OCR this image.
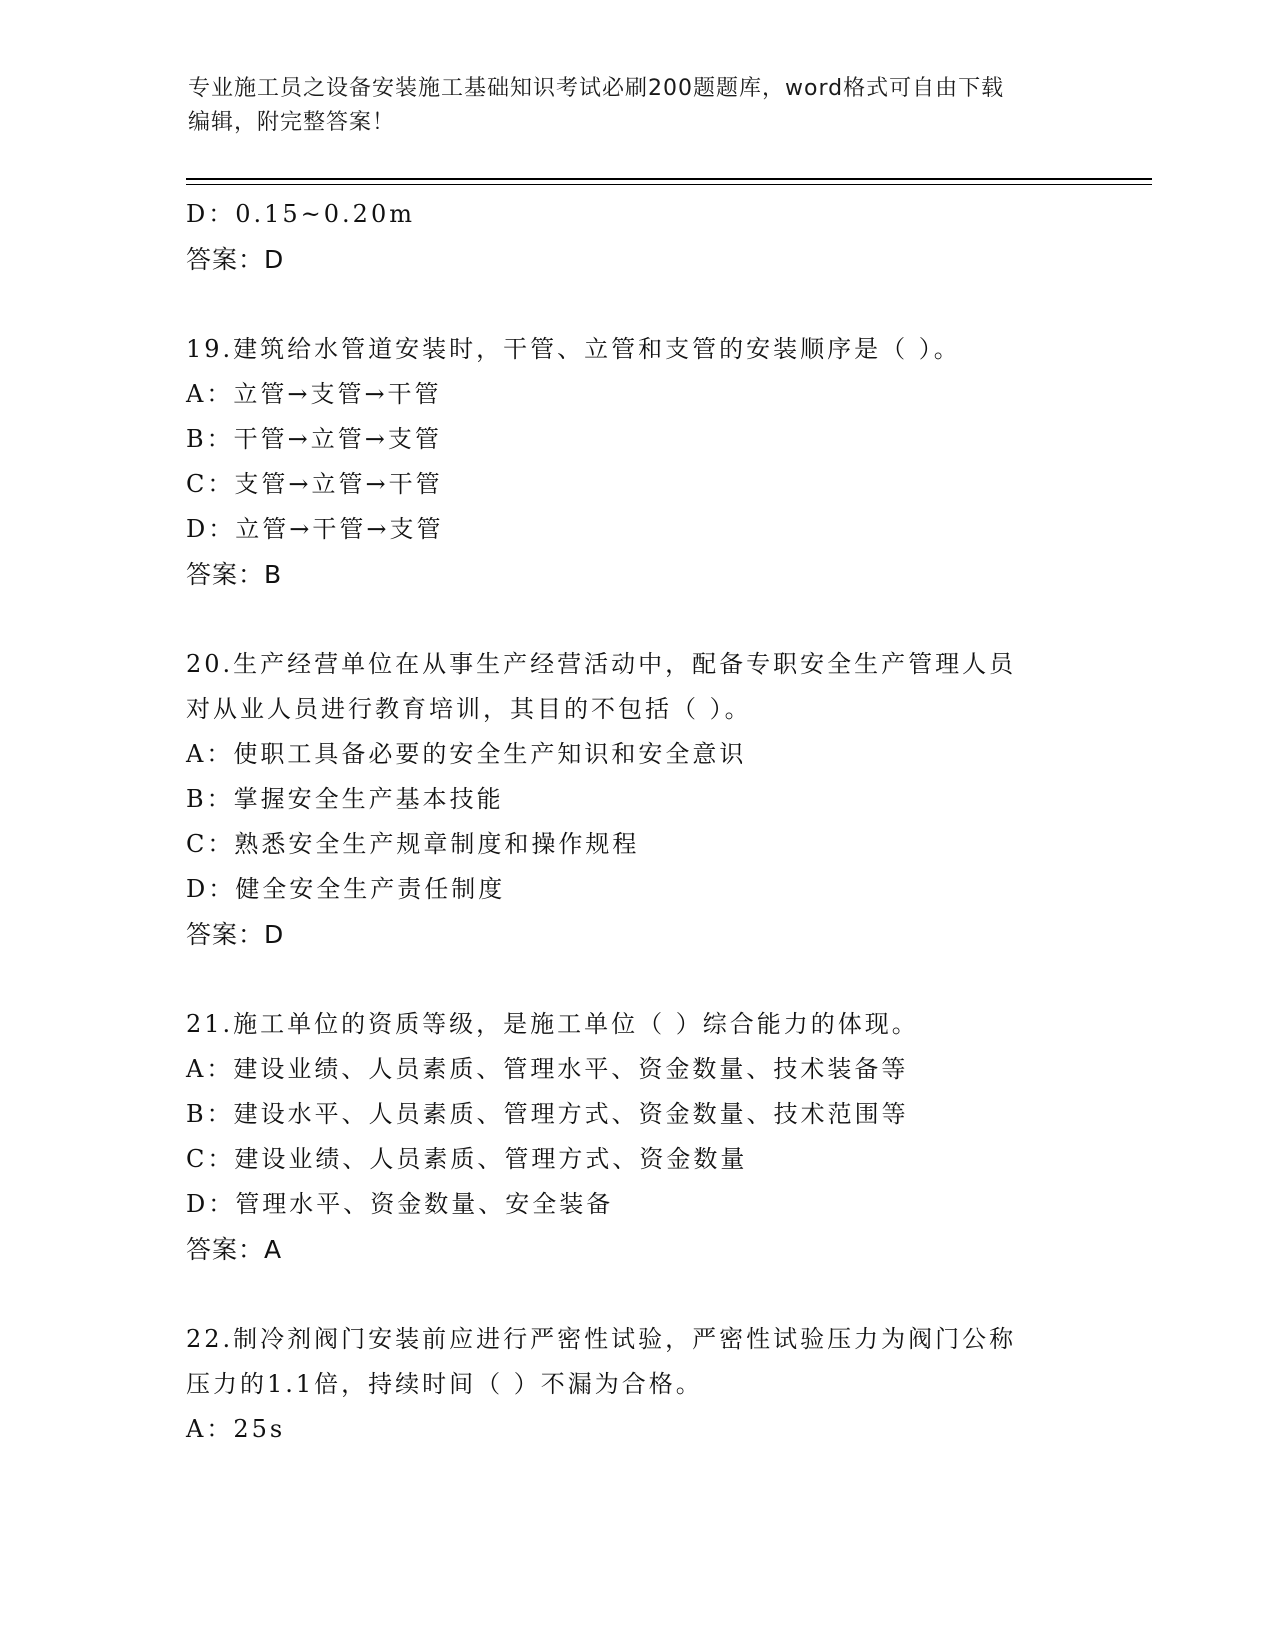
专业施工员之设备安装施工基础知识考试必刷200题题库，word格式可自由下载
编辑，附完整答案！
D：0.15~0.20m
答案：D
19.建筑给水管道安装时，干管、立管和支管的安装顺序是（ ）。
A：立管→支管→干管
B：干管→立管→支管
C：支管→立管→干管
D：立管→干管→支管
答案：B
20.生产经营单位在从事生产经营活动中，配备专职安全生产管理人员
对从业人员进行教育培训，其目的不包括（ ）。
A：使职工具备必要的安全生产知识和安全意识
B：掌握安全生产基本技能
C：熟悉安全生产规章制度和操作规程
D：健全安全生产责任制度
答案：D
21.施工单位的资质等级，是施工单位（ ）综合能力的体现。
A：建设业绩、人员素质、管理水平、资金数量、技术装备等
B：建设水平、人员素质、管理方式、资金数量、技术范围等
C：建设业绩、人员素质、管理方式、资金数量
D：管理水平、资金数量、安全装备
答案：A
22.制冷剂阀门安装前应进行严密性试验，严密性试验压力为阀门公称
压力的1.1倍，持续时间（ ）不漏为合格。
A：25s
